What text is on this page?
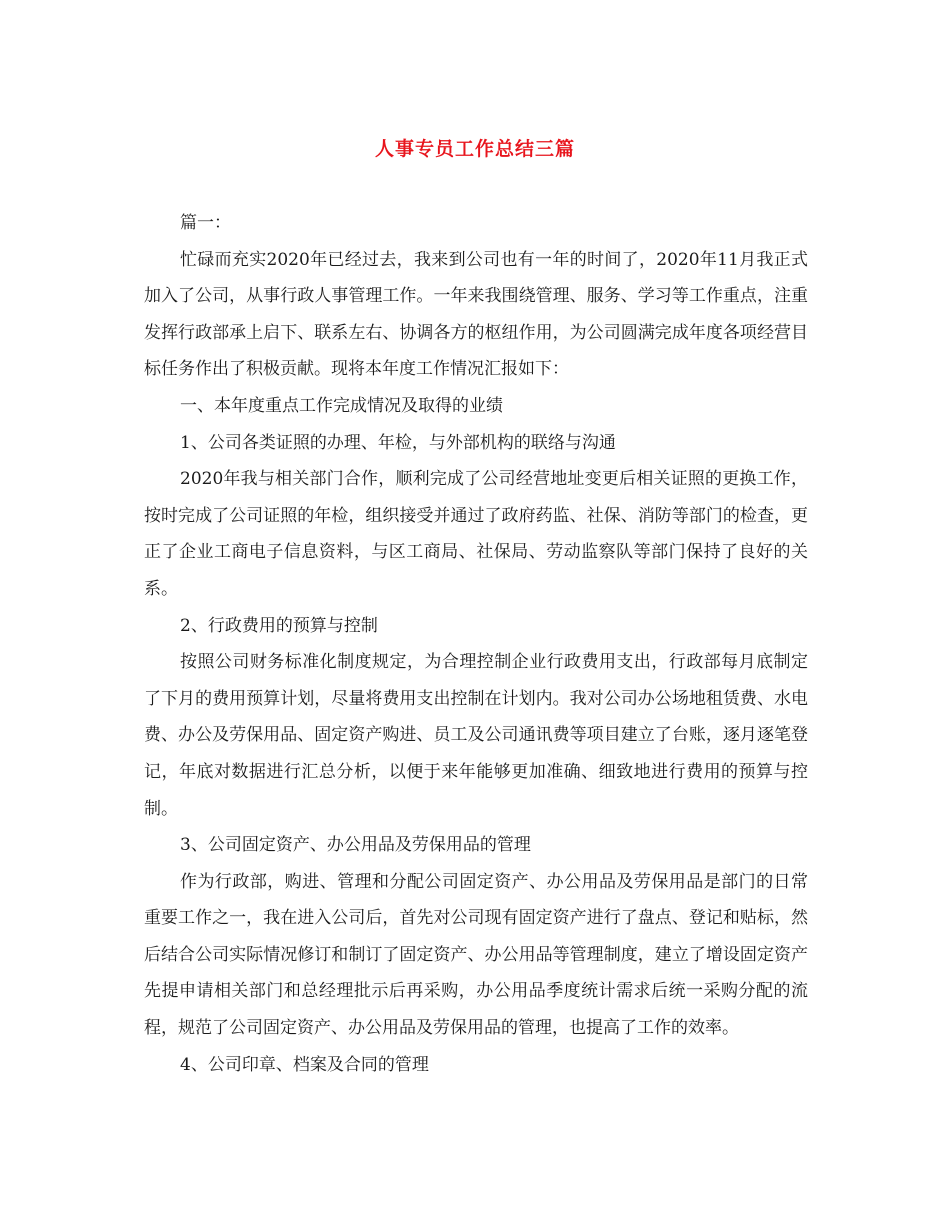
人事专员工作总结三篇

篇一：

忙碌而充实2020年已经过去，我来到公司也有一年的时间了，2020年11月我正式加入了公司，从事行政人事管理工作。一年来我围绕管理、服务、学习等工作重点，注重发挥行政部承上启下、联系左右、协调各方的枢纽作用，为公司圆满完成年度各项经营目标任务作出了积极贡献。现将本年度工作情况汇报如下：

一、本年度重点工作完成情况及取得的业绩

1、公司各类证照的办理、年检，与外部机构的联络与沟通

2020年我与相关部门合作，顺利完成了公司经营地址变更后相关证照的更换工作，按时完成了公司证照的年检，组织接受并通过了政府药监、社保、消防等部门的检查，更正了企业工商电子信息资料，与区工商局、社保局、劳动监察队等部门保持了良好的关系。

2、行政费用的预算与控制

按照公司财务标准化制度规定，为合理控制企业行政费用支出，行政部每月底制定了下月的费用预算计划，尽量将费用支出控制在计划内。我对公司办公场地租赁费、水电费、办公及劳保用品、固定资产购进、员工及公司通讯费等项目建立了台账，逐月逐笔登记，年底对数据进行汇总分析，以便于来年能够更加准确、细致地进行费用的预算与控制。

3、公司固定资产、办公用品及劳保用品的管理

作为行政部，购进、管理和分配公司固定资产、办公用品及劳保用品是部门的日常重要工作之一，我在进入公司后，首先对公司现有固定资产进行了盘点、登记和贴标，然后结合公司实际情况修订和制订了固定资产、办公用品等管理制度，建立了增设固定资产先提申请相关部门和总经理批示后再采购，办公用品季度统计需求后统一采购分配的流程，规范了公司固定资产、办公用品及劳保用品的管理，也提高了工作的效率。

4、公司印章、档案及合同的管理
